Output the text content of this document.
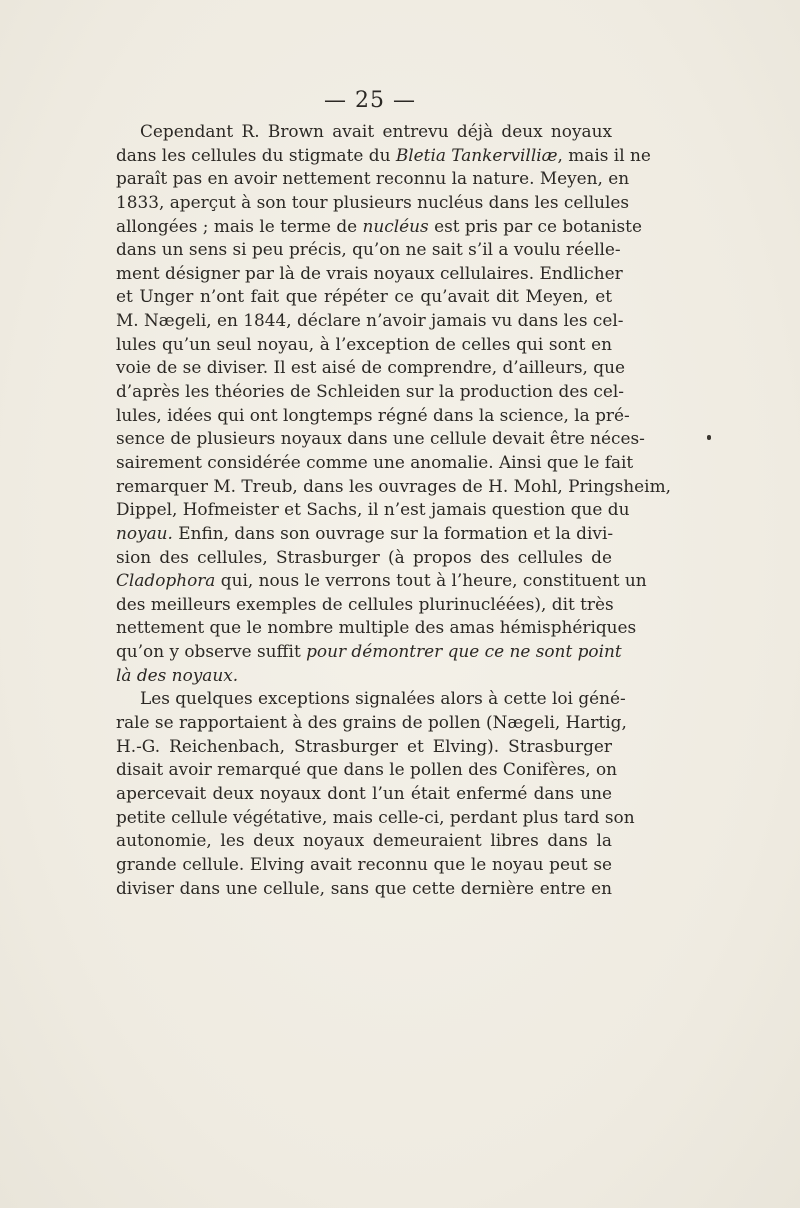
— 25 —
Cependant R. Brown avait entrevu déjà deux noyaux
dans les cellules du stigmate du Bletia Tankervilliæ, mais il ne
paraît pas en avoir nettement reconnu la nature. Meyen, en
1833, aperçut à son tour plusieurs nucléus dans les cellules
allongées ; mais le terme de nucléus est pris par ce botaniste
dans un sens si peu précis, qu’on ne sait s’il a voulu réelle-
ment désigner par là de vrais noyaux cellulaires. Endlicher
et Unger n’ont fait que répéter ce qu’avait dit Meyen, et
M. Nægeli, en 1844, déclare n’avoir jamais vu dans les cel-
lules qu’un seul noyau, à l’exception de celles qui sont en
voie de se diviser. Il est aisé de comprendre, d’ailleurs, que
d’après les théories de Schleiden sur la production des cel-
lules, idées qui ont longtemps régné dans la science, la pré-
sence de plusieurs noyaux dans une cellule devait être néces-
sairement considérée comme une anomalie. Ainsi que le fait
remarquer M. Treub, dans les ouvrages de H. Mohl, Pringsheim,
Dippel, Hofmeister et Sachs, il n’est jamais question que du
noyau. Enfin, dans son ouvrage sur la formation et la divi-
sion des cellules, Strasburger (à propos des cellules de
Cladophora qui, nous le verrons tout à l’heure, constituent un
des meilleurs exemples de cellules plurinucléées), dit très
nettement que le nombre multiple des amas hémisphériques
qu’on y observe suffit pour démontrer que ce ne sont point
là des noyaux.
Les quelques exceptions signalées alors à cette loi géné-
rale se rapportaient à des grains de pollen (Nægeli, Hartig,
H.-G. Reichenbach, Strasburger et Elving). Strasburger
disait avoir remarqué que dans le pollen des Conifères, on
apercevait deux noyaux dont l’un était enfermé dans une
petite cellule végétative, mais celle-ci, perdant plus tard son
autonomie, les deux noyaux demeuraient libres dans la
grande cellule. Elving avait reconnu que le noyau peut se
diviser dans une cellule, sans que cette dernière entre en
